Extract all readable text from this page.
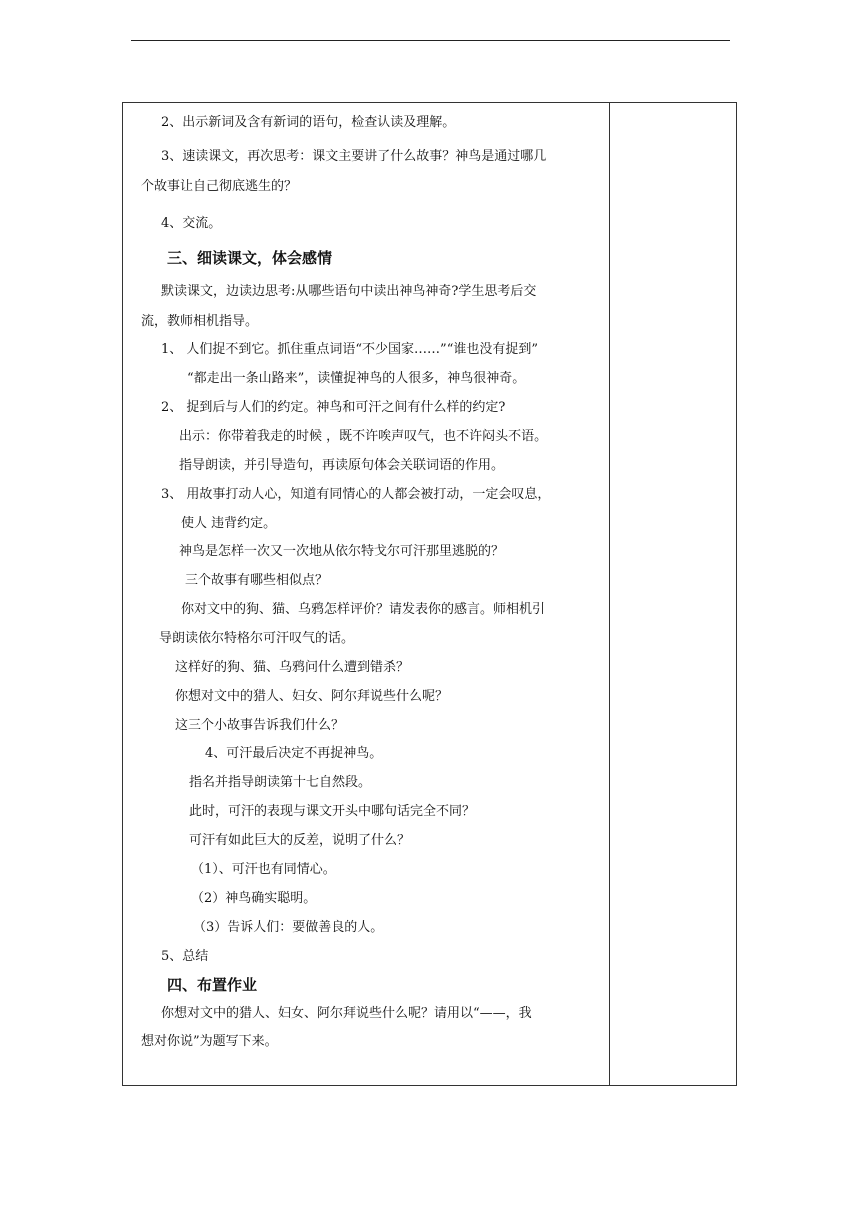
2、出示新词及含有新词的语句，检查认读及理解。
3、速读课文，再次思考：课文主要讲了什么故事？神鸟是通过哪几
个故事让自己彻底逃生的？
4、交流。
三、细读课文，体会感情
默读课文，边读边思考:从哪些语句中读出神鸟神奇?学生思考后交
流，教师相机指导。
1、 人们捉不到它。抓住重点词语“不少国家……”“谁也没有捉到”
“都走出一条山路来”，读懂捉神鸟的人很多，神鸟很神奇。
2、 捉到后与人们的约定。神鸟和可汗之间有什么样的约定?
出示：你带着我走的时候 ，既不许唉声叹气，也不许闷头不语。
指导朗读，并引导造句，再读原句体会关联词语的作用。
3、 用故事打动人心，知道有同情心的人都会被打动，一定会叹息，
使人 违背约定。
神鸟是怎样一次又一次地从依尔特戈尔可汗那里逃脱的？
三个故事有哪些相似点？
你对文中的狗、猫、乌鸦怎样评价？请发表你的感言。师相机引
导朗读依尔特格尔可汗叹气的话。
这样好的狗、猫、乌鸦问什么遭到错杀？
你想对文中的猎人、妇女、阿尔拜说些什么呢？
这三个小故事告诉我们什么？
4、可汗最后决定不再捉神鸟。
指名并指导朗读第十七自然段。
此时，可汗的表现与课文开头中哪句话完全不同？
可汗有如此巨大的反差，说明了什么？
（1）、可汗也有同情心。
（2）神鸟确实聪明。
（3）告诉人们：要做善良的人。
5、总结
四、布置作业
你想对文中的猎人、妇女、阿尔拜说些什么呢？请用以“——，我
想对你说”为题写下来。
